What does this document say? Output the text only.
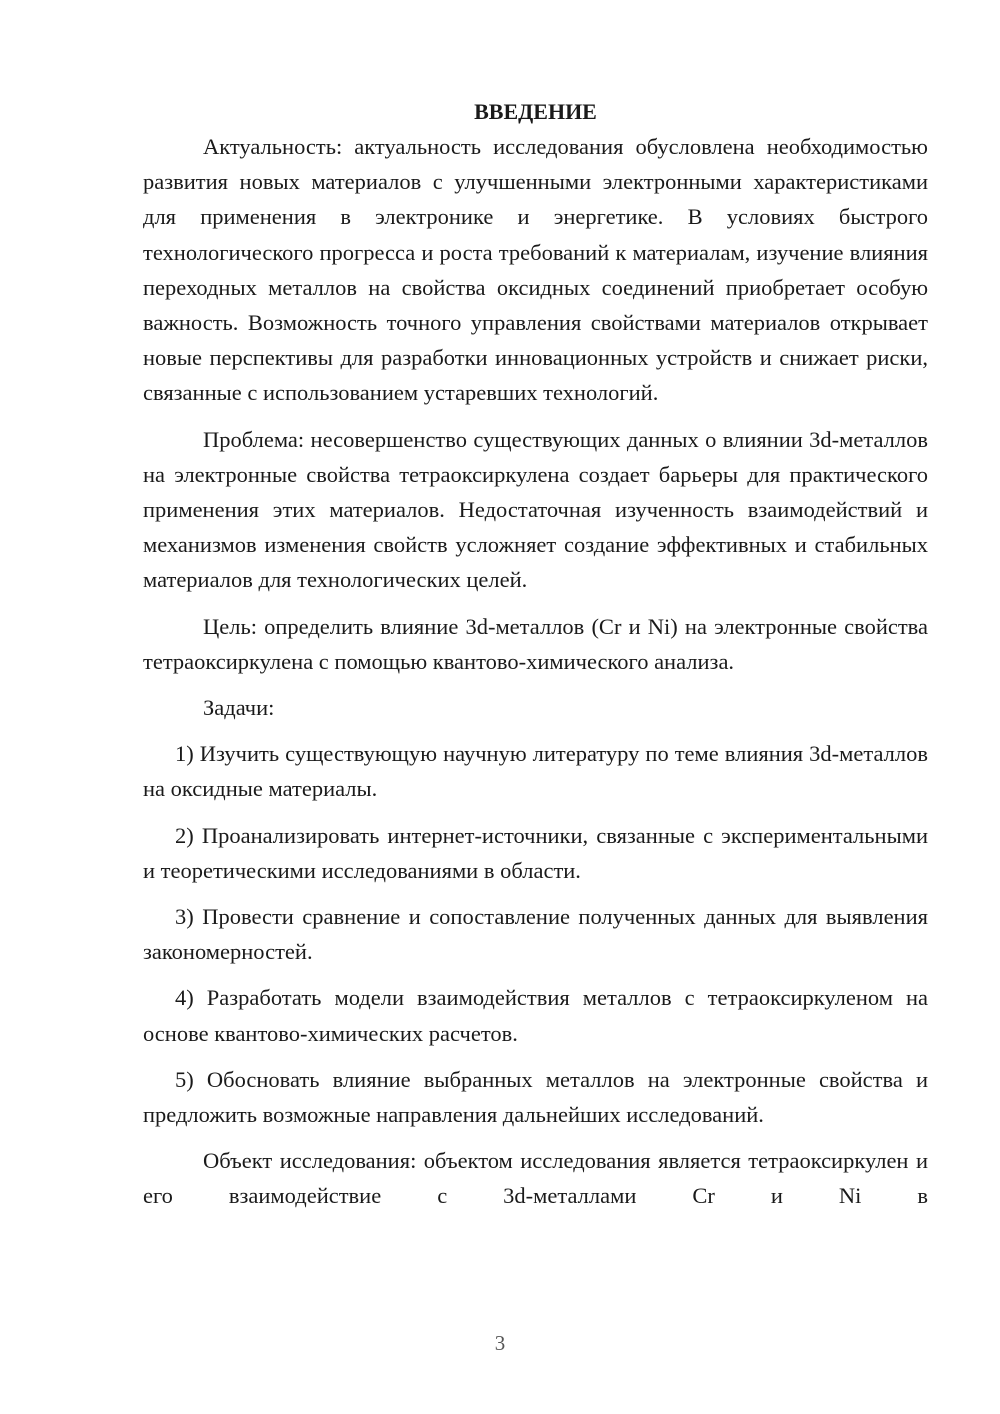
ВВЕДЕНИЕ

Актуальность: актуальность исследования обусловлена необходимостью развития новых материалов с улучшенными электронными характеристиками для применения в электронике и энергетике. В условиях быстрого технологического прогресса и роста требований к материалам, изучение влияния переходных металлов на свойства оксидных соединений приобретает особую важность. Возможность точного управления свойствами материалов открывает новые перспективы для разработки инновационных устройств и снижает риски, связанные с использованием устаревших технологий.

Проблема: несовершенство существующих данных о влиянии 3d-металлов на электронные свойства тетраоксиркулена создает барьеры для практического применения этих материалов. Недостаточная изученность взаимодействий и механизмов изменения свойств усложняет создание эффективных и стабильных материалов для технологических целей.

Цель: определить влияние 3d-металлов (Cr и Ni) на электронные свойства тетраоксиркулена с помощью квантово-химического анализа.

Задачи:

1) Изучить существующую научную литературу по теме влияния 3d-металлов на оксидные материалы.

2) Проанализировать интернет-источники, связанные с экспериментальными и теоретическими исследованиями в области.

3) Провести сравнение и сопоставление полученных данных для выявления закономерностей.

4) Разработать модели взаимодействия металлов с тетраоксиркуленом на основе квантово-химических расчетов.

5) Обосновать влияние выбранных металлов на электронные свойства и предложить возможные направления дальнейших исследований.

Объект исследования: объектом исследования является тетраоксиркулен и его взаимодействие с 3d-металлами Cr и Ni в

3
